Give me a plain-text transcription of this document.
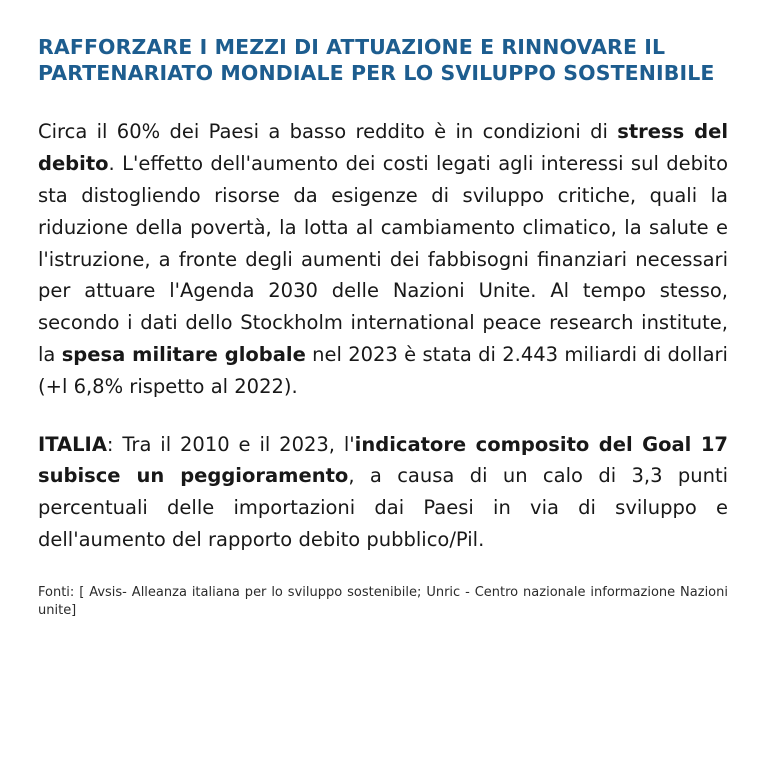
RAFFORZARE I MEZZI DI ATTUAZIONE E RINNOVARE IL PARTENARIATO MONDIALE PER LO SVILUPPO SOSTENIBILE

Circa il 60% dei Paesi a basso reddito è in condizioni di stress del debito. L'effetto dell'aumento dei costi legati agli interessi sul debito sta distogliendo risorse da esigenze di sviluppo critiche, quali la riduzione della povertà, la lotta al cambiamento climatico, la salute e l'istruzione, a fronte degli aumenti dei fabbisogni finanziari necessari per attuare l'Agenda 2030 delle Nazioni Unite. Al tempo stesso, secondo i dati dello Stockholm international peace research institute, la spesa militare globale nel 2023 è stata di 2.443 miliardi di dollari (+l 6,8% rispetto al 2022).

ITALIA: Tra il 2010 e il 2023, l'indicatore composito del Goal 17 subisce un peggioramento, a causa di un calo di 3,3 punti percentuali delle importazioni dai Paesi in via di sviluppo e dell'aumento del rapporto debito pubblico/Pil.

Fonti: [ Avsis- Alleanza italiana per lo sviluppo sostenibile; Unric - Centro nazionale informazione Nazioni unite]
